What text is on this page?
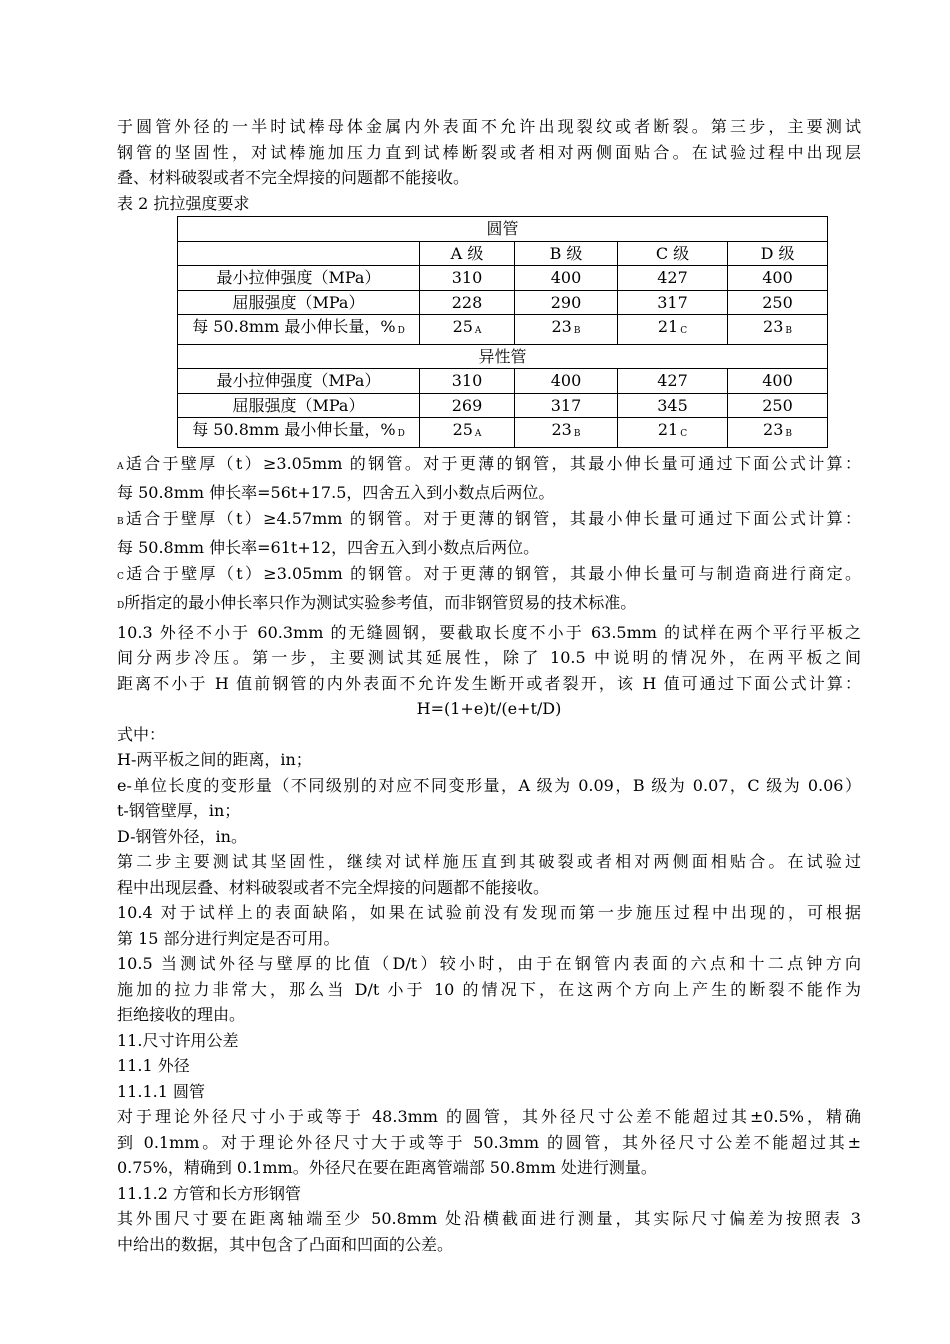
于圆管外径的一半时试棒母体金属内外表面不允许出现裂纹或者断裂。第三步，主要测试

钢管的坚固性，对试棒施加压力直到试棒断裂或者相对两侧面贴合。在试验过程中出现层

叠、材料破裂或者不完全焊接的问题都不能接收。

表 2 抗拉强度要求

圆管				
	A 级	B 级	C 级	D 级
最小拉伸强度（MPa）	310	400	427	400
屈服强度（MPa）	228	290	317	250
每 50.8mm 最小伸长量，% D	25 A	23 B	21 C	23 B
异性管				
最小拉伸强度（MPa）	310	400	427	400
屈服强度（MPa）	269	317	345	250
每 50.8mm 最小伸长量，% D	25 A	23 B	21 C	23 B

A适合于壁厚（t）≥3.05mm 的钢管。对于更薄的钢管，其最小伸长量可通过下面公式计算：

每 50.8mm 伸长率=56t+17.5，四舍五入到小数点后两位。

B适合于壁厚（t）≥4.57mm 的钢管。对于更薄的钢管，其最小伸长量可通过下面公式计算：

每 50.8mm 伸长率=61t+12，四舍五入到小数点后两位。

C适合于壁厚（t）≥3.05mm 的钢管。对于更薄的钢管，其最小伸长量可与制造商进行商定。

D所指定的最小伸长率只作为测试实验参考值，而非钢管贸易的技术标准。

10.3 外径不小于 60.3mm 的无缝圆钢，要截取长度不小于 63.5mm 的试样在两个平行平板之

间分两步冷压。第一步，主要测试其延展性，除了 10.5 中说明的情况外，在两平板之间

距离不小于 H 值前钢管的内外表面不允许发生断开或者裂开，该 H 值可通过下面公式计算：

H=(1+e)t/(e+t/D)

式中：

H-两平板之间的距离，in；

e-单位长度的变形量（不同级别的对应不同变形量，A 级为 0.09，B 级为 0.07，C 级为 0.06）

t-钢管壁厚，in；

D-钢管外径，in。

第二步主要测试其坚固性，继续对试样施压直到其破裂或者相对两侧面相贴合。在试验过

程中出现层叠、材料破裂或者不完全焊接的问题都不能接收。

10.4 对于试样上的表面缺陷，如果在试验前没有发现而第一步施压过程中出现的，可根据

第 15 部分进行判定是否可用。

10.5 当测试外径与壁厚的比值（D/t）较小时，由于在钢管内表面的六点和十二点钟方向

施加的拉力非常大，那么当 D/t 小于 10 的情况下，在这两个方向上产生的断裂不能作为

拒绝接收的理由。

11.尺寸许用公差

11.1 外径

11.1.1 圆管

对于理论外径尺寸小于或等于 48.3mm 的圆管，其外径尺寸公差不能超过其±0.5%，精确

到 0.1mm。对于理论外径尺寸大于或等于 50.3mm 的圆管，其外径尺寸公差不能超过其±

0.75%，精确到 0.1mm。外径尺在要在距离管端部 50.8mm 处进行测量。

11.1.2 方管和长方形钢管

其外围尺寸要在距离轴端至少 50.8mm 处沿横截面进行测量，其实际尺寸偏差为按照表 3

中给出的数据，其中包含了凸面和凹面的公差。
